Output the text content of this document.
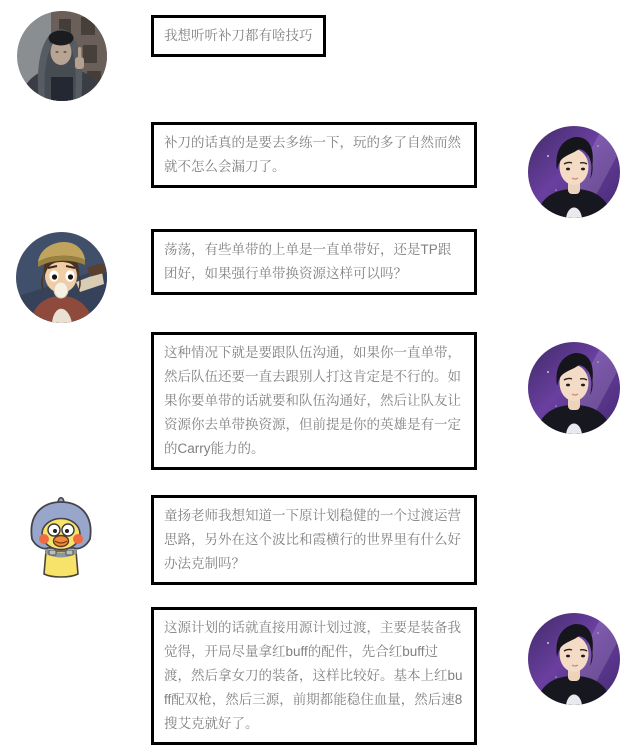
我想听听补刀都有啥技巧
补刀的话真的是要去多练一下，玩的多了自然而然就不怎么会漏刀了。
荡荡，有些单带的上单是一直单带好，还是TP跟团好，如果强行单带换资源这样可以吗？
这种情况下就是要跟队伍沟通，如果你一直单带，然后队伍还要一直去跟别人打这肯定是不行的。如果你要单带的话就要和队伍沟通好，然后让队友让资源你去单带换资源，但前提是你的英雄是有一定的Carry能力的。
童扬老师我想知道一下原计划稳健的一个过渡运营思路，另外在这个波比和霞横行的世界里有什么好办法克制吗？
这源计划的话就直接用源计划过渡，主要是装备我觉得，开局尽量拿红buff的配件，先合红buff过渡，然后拿女刀的装备，这样比较好。基本上红buff配双枪，然后三源，前期都能稳住血量，然后速8搜艾克就好了。
